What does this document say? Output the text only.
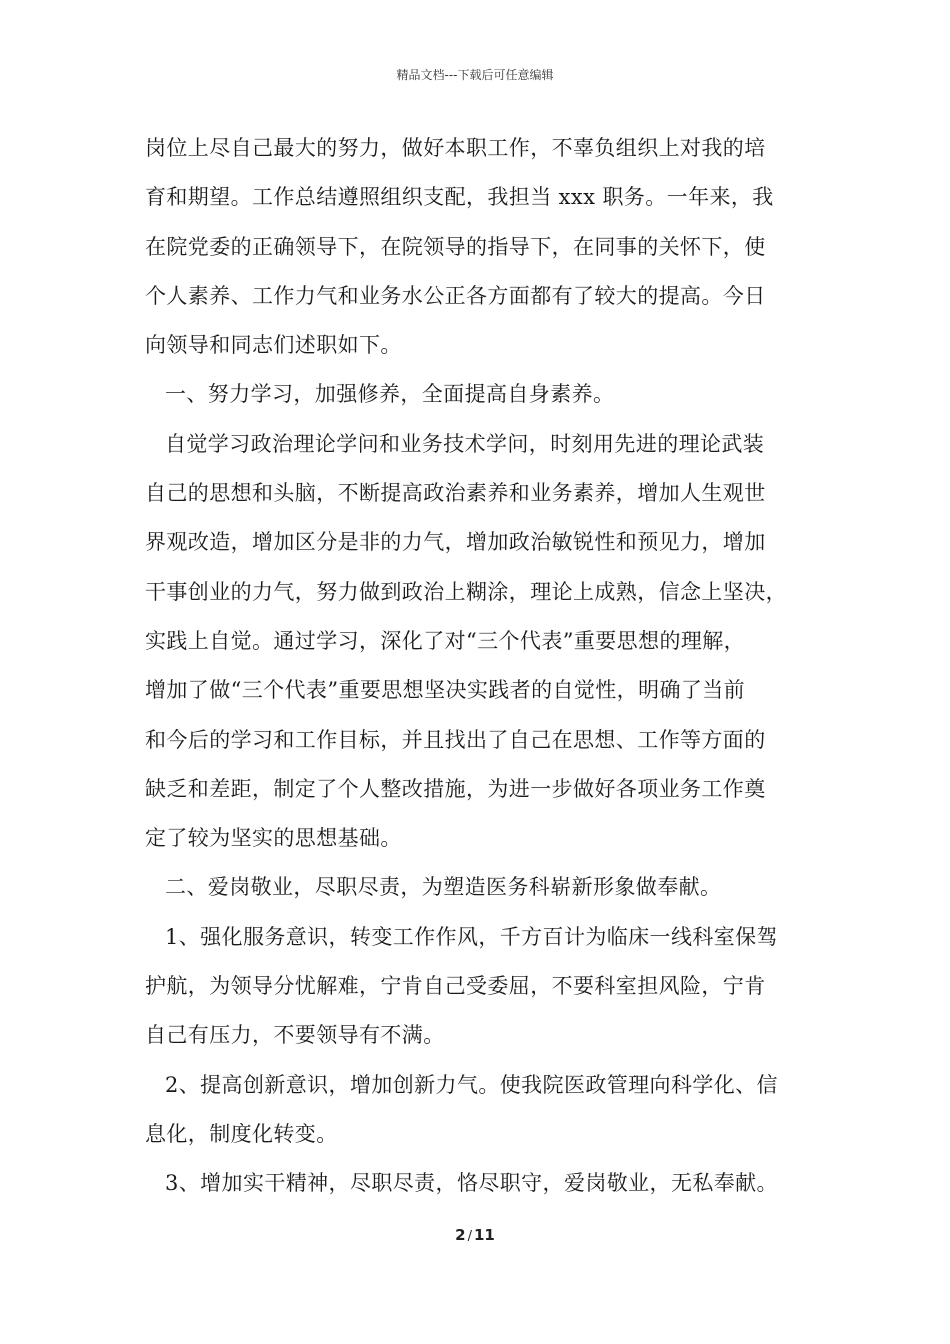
精品文档---下载后可任意编辑
岗位上尽自己最大的努力，做好本职工作，不辜负组织上对我的培
育和期望。工作总结遵照组织支配，我担当 xxx 职务。一年来，我
在院党委的正确领导下，在院领导的指导下，在同事的关怀下，使
个人素养、工作力气和业务水公正各方面都有了较大的提高。今日
向领导和同志们述职如下。
一、努力学习，加强修养，全面提高自身素养。
自觉学习政治理论学问和业务技术学问，时刻用先进的理论武装
自己的思想和头脑，不断提高政治素养和业务素养，增加人生观世
界观改造，增加区分是非的力气，增加政治敏锐性和预见力，增加
干事创业的力气，努力做到政治上糊涂，理论上成熟，信念上坚决，
实践上自觉。通过学习，深化了对“三个代表”重要思想的理解，
增加了做“三个代表”重要思想坚决实践者的自觉性，明确了当前
和今后的学习和工作目标，并且找出了自己在思想、工作等方面的
缺乏和差距，制定了个人整改措施，为进一步做好各项业务工作奠
定了较为坚实的思想基础。
二、爱岗敬业，尽职尽责，为塑造医务科崭新形象做奉献。
1、强化服务意识，转变工作作风，千方百计为临床一线科室保驾
护航，为领导分忧解难，宁肯自己受委屈，不要科室担风险，宁肯
自己有压力，不要领导有不满。
2、提高创新意识，增加创新力气。使我院医政管理向科学化、信
息化，制度化转变。
3、增加实干精神，尽职尽责，恪尽职守，爱岗敬业，无私奉献。
2 / 11
